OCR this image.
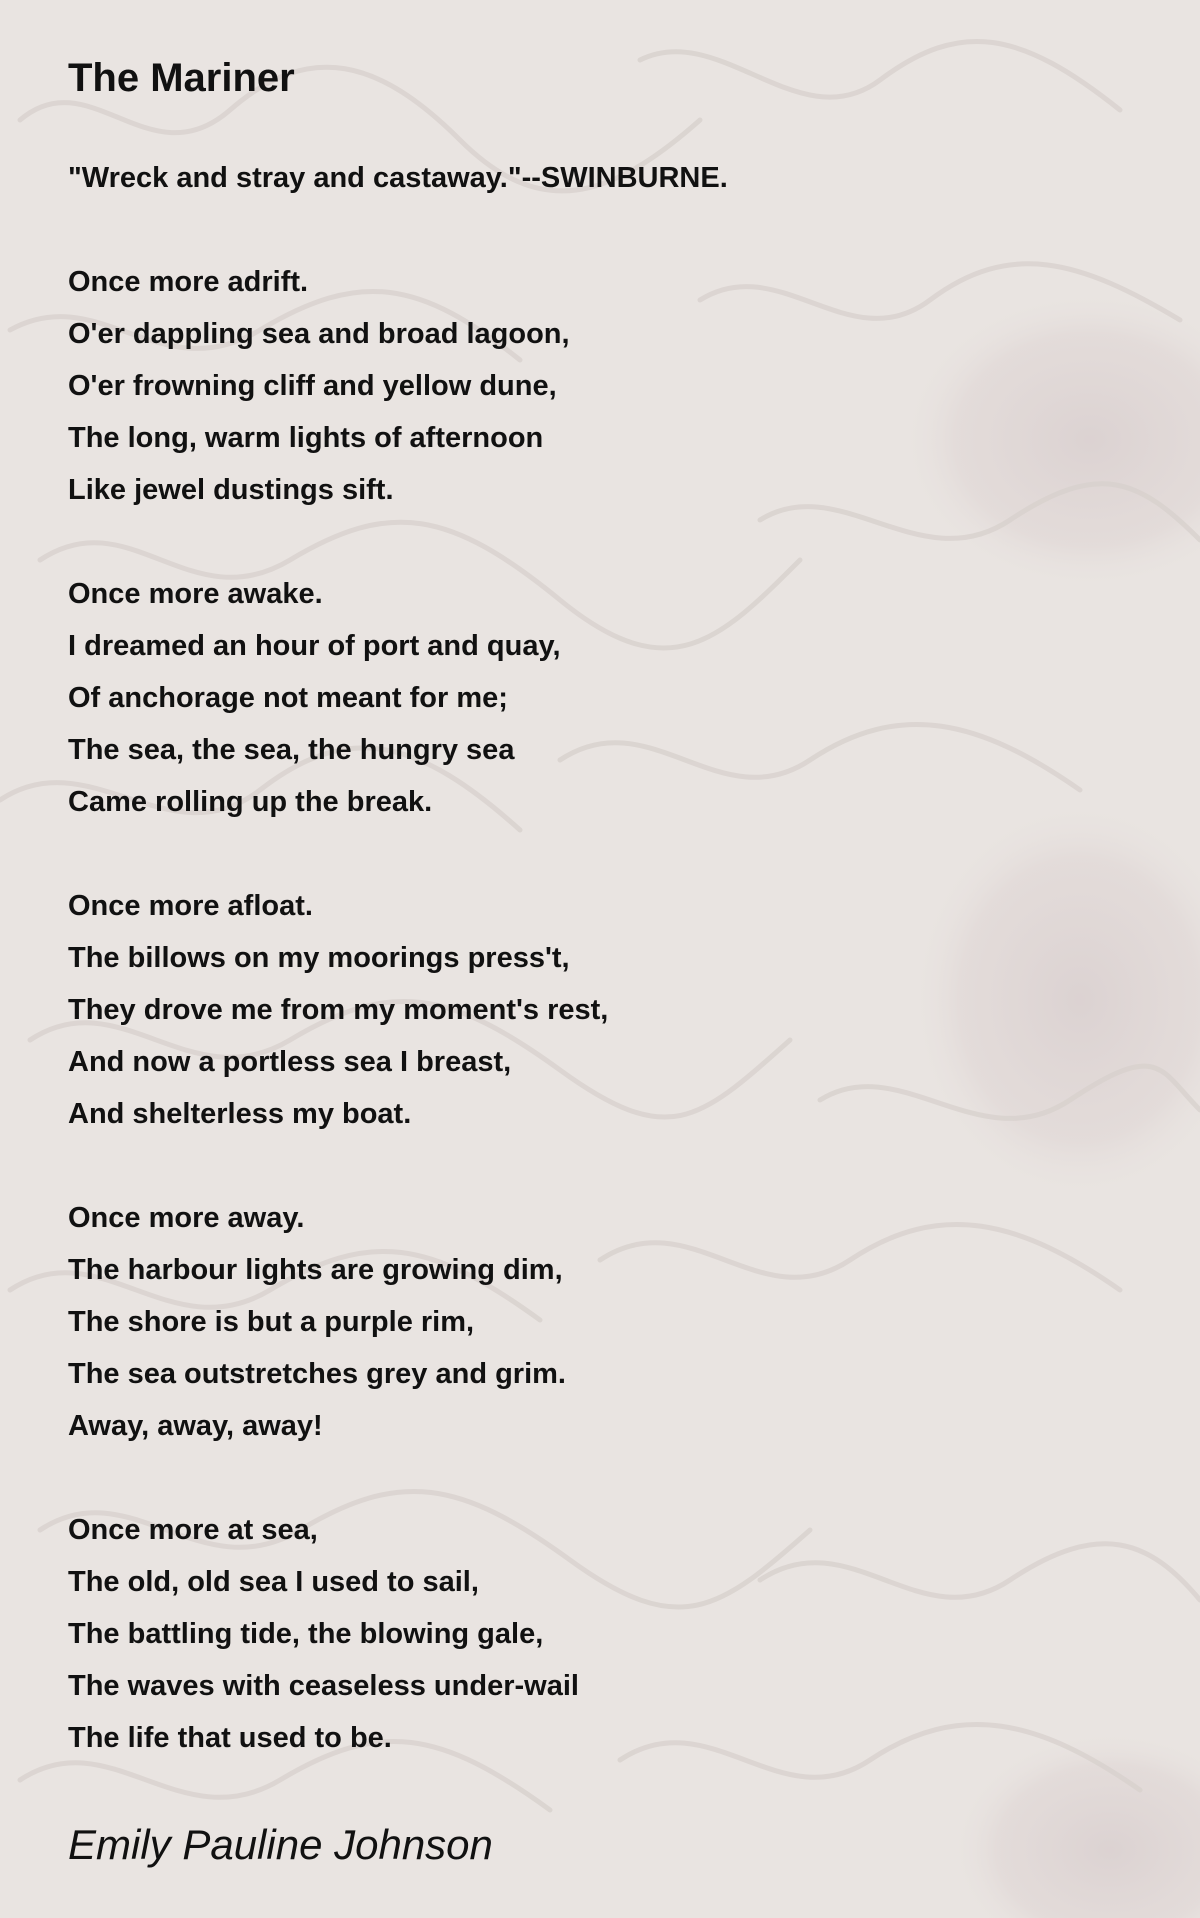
The Mariner
"Wreck and stray and castaway."--SWINBURNE.
Once more adrift.
O'er dappling sea and broad lagoon,
O'er frowning cliff and yellow dune,
The long, warm lights of afternoon
Like jewel dustings sift.
Once more awake.
I dreamed an hour of port and quay,
Of anchorage not meant for me;
The sea, the sea, the hungry sea
Came rolling up the break.
Once more afloat.
The billows on my moorings press't,
They drove me from my moment's rest,
And now a portless sea I breast,
And shelterless my boat.
Once more away.
The harbour lights are growing dim,
The shore is but a purple rim,
The sea outstretches grey and grim.
Away, away, away!
Once more at sea,
The old, old sea I used to sail,
The battling tide, the blowing gale,
The waves with ceaseless under-wail
The life that used to be.
Emily Pauline Johnson
